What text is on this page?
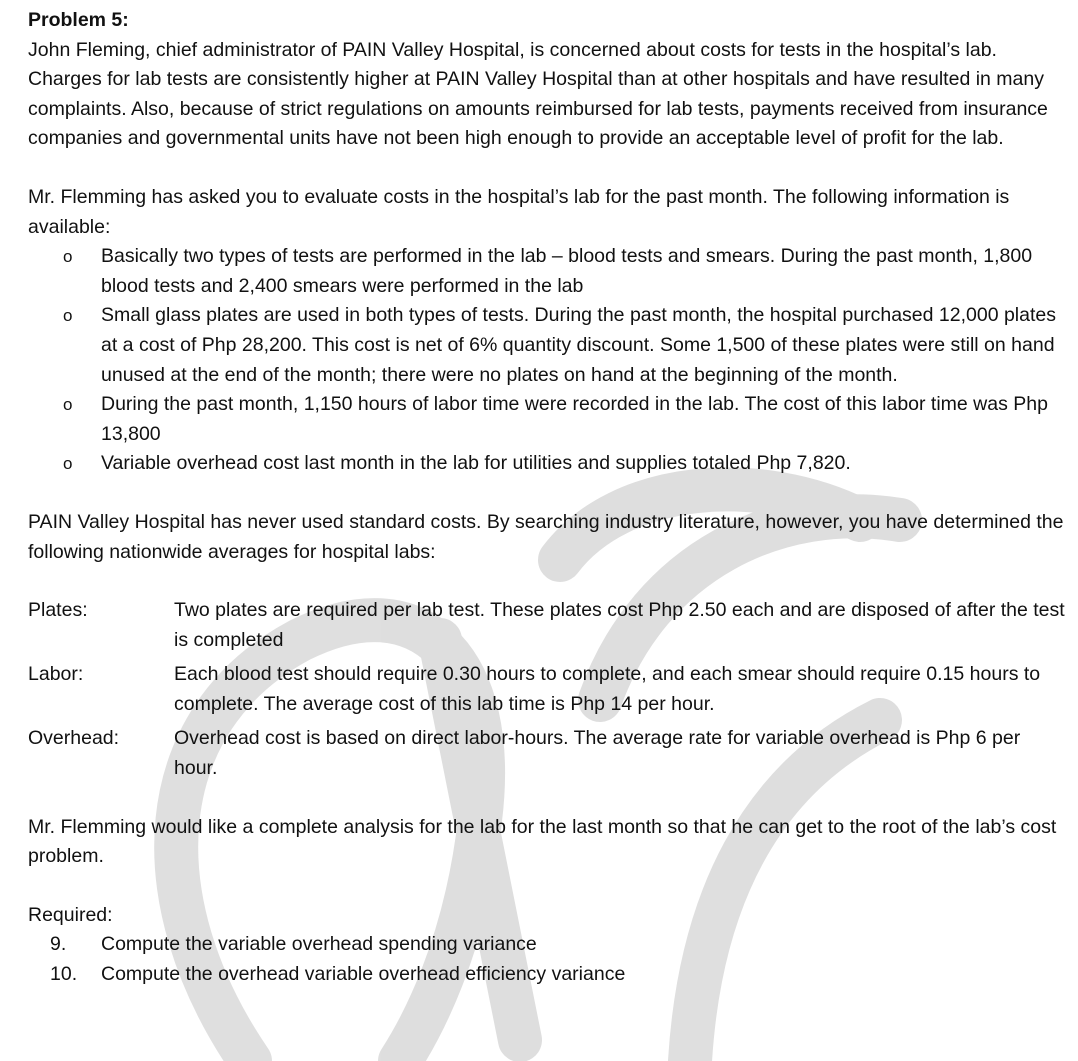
Problem 5:

John Fleming, chief administrator of PAIN Valley Hospital, is concerned about costs for tests in the hospital’s lab. Charges for lab tests are consistently higher at PAIN Valley Hospital than at other hospitals and have resulted in many complaints. Also, because of strict regulations on amounts reimbursed for lab tests, payments received from insurance companies and governmental units have not been high enough to provide an acceptable level of profit for the lab.

Mr. Flemming has asked you to evaluate costs in the hospital’s lab for the past month. The following information is available:

o Basically two types of tests are performed in the lab – blood tests and smears. During the past month, 1,800 blood tests and 2,400 smears were performed in the lab
o Small glass plates are used in both types of tests. During the past month, the hospital purchased 12,000 plates at a cost of Php 28,200. This cost is net of 6% quantity discount. Some 1,500 of these plates were still on hand unused at the end of the month; there were no plates on hand at the beginning of the month.
o During the past month, 1,150 hours of labor time were recorded in the lab. The cost of this labor time was Php 13,800
o Variable overhead cost last month in the lab for utilities and supplies totaled Php 7,820.

PAIN Valley Hospital has never used standard costs. By searching industry literature, however, you have determined the following nationwide averages for hospital labs:

Plates:	Two plates are required per lab test. These plates cost Php 2.50 each and are disposed of after the test is completed
Labor:	Each blood test should require 0.30 hours to complete, and each smear should require 0.15 hours to complete. The average cost of this lab time is Php 14 per hour.
Overhead:	Overhead cost is based on direct labor-hours. The average rate for variable overhead is Php 6 per hour.

Mr. Flemming would like a complete analysis for the lab for the last month so that he can get to the root of the lab’s cost problem.

Required:

9. Compute the variable overhead spending variance
10. Compute the overhead variable overhead efficiency variance
